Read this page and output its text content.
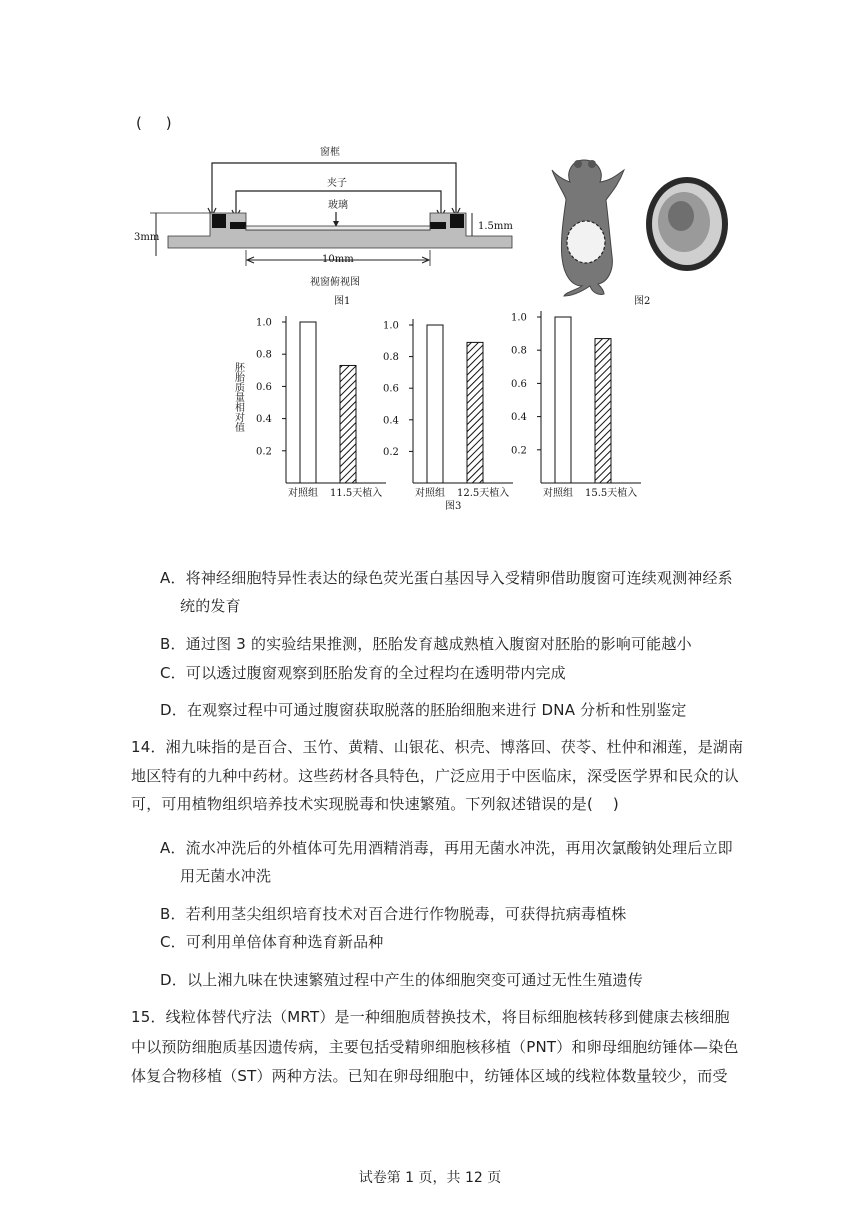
(     )
窗框
夹子
玻璃
3mm
1.5mm
10mm
视窗俯视图
图1	图2
胚胎质量相对值
1.0
0.8
0.6
0.4
0.2
对照组 11.5天植入
1.0
0.8
0.6
0.4
0.2
对照组 12.5天植入
1.0
0.8
0.6
0.4
0.2
对照组 15.5天植入
图3
A．将神经细胞特异性表达的绿色荧光蛋白基因导入受精卵借助腹窗可连续观测神经系
统的发育
B．通过图 3 的实验结果推测，胚胎发育越成熟植入腹窗对胚胎的影响可能越小
C．可以透过腹窗观察到胚胎发育的全过程均在透明带内完成
D．在观察过程中可通过腹窗获取脱落的胚胎细胞来进行 DNA 分析和性别鉴定
14．湘九味指的是百合、玉竹、黄精、山银花、枳壳、博落回、茯苓、杜仲和湘莲，是湖南
地区特有的九种中药材。这些药材各具特色，广泛应用于中医临床，深受医学界和民众的认
可，可用植物组织培养技术实现脱毒和快速繁殖。下列叙述错误的是(    )
A．流水冲洗后的外植体可先用酒精消毒，再用无菌水冲洗，再用次氯酸钠处理后立即
用无菌水冲洗
B．若利用茎尖组织培育技术对百合进行作物脱毒，可获得抗病毒植株
C．可利用单倍体育种选育新品种
D．以上湘九味在快速繁殖过程中产生的体细胞突变可通过无性生殖遗传
15．线粒体替代疗法（MRT）是一种细胞质替换技术，将目标细胞核转移到健康去核细胞
中以预防细胞质基因遗传病，主要包括受精卵细胞核移植（PNT）和卵母细胞纺锤体—染色
体复合物移植（ST）两种方法。已知在卵母细胞中，纺锤体区域的线粒体数量较少，而受
试卷第 1 页，共 12 页
